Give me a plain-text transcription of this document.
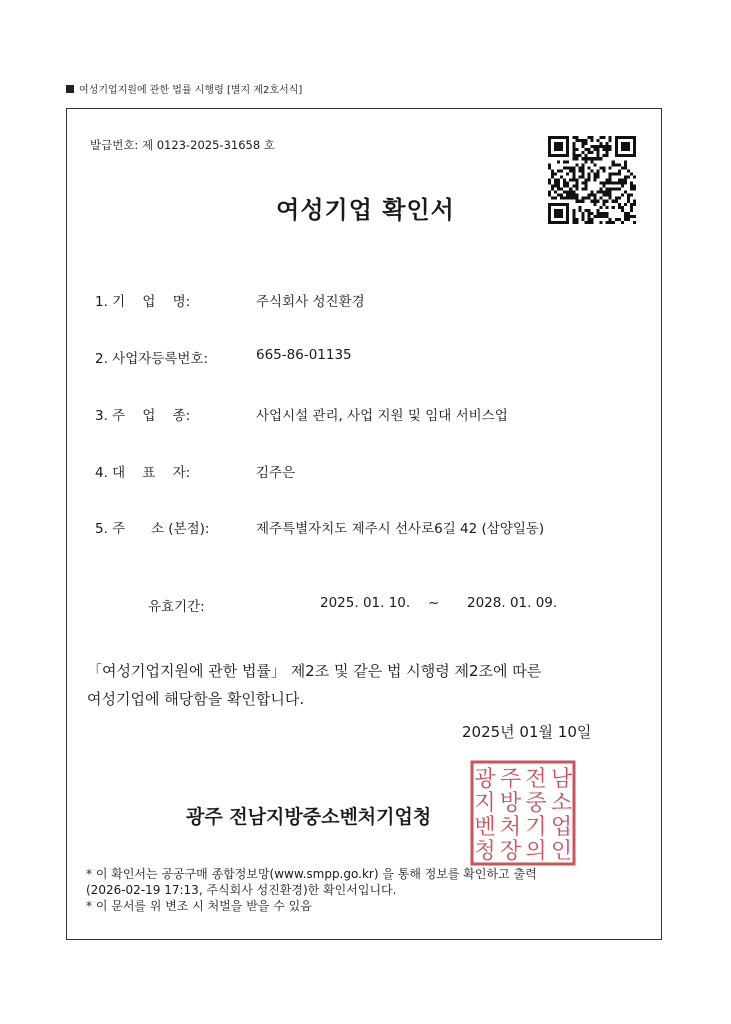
여성기업지원에 관한 법률 시행령 [별지 제2호서식]
발급번호: 제 0123-2025-31658 호
여성기업 확인서
1. 기    업    명:	주식회사 성진환경
2. 사업자등록번호:	665-86-01135
3. 주    업    종:	사업시설 관리, 사업 지원 및 임대 서비스업
4. 대    표    자:	김주은
5. 주      소 (본점):	제주특별자치도 제주시 선사로6길 42 (삼양일동)
유효기간:	2025. 01. 10. ~ 2028. 01. 09.
「여성기업지원에 관한 법률」 제2조 및 같은 법 시행령 제2조에 따른
여성기업에 해당함을 확인합니다.
2025년 01월 10일
광 주 전 남
지 방 중 소
벤 처 기 업
청 장 의 인
광주 전남지방중소벤처기업청
* 이 확인서는 공공구매 종합정보망(www.smpp.go.kr) 을 통해 정보를 확인하고 출력
(2026-02-19 17:13, 주식회사 성진환경)한 확인서입니다.
* 이 문서를 위 변조 시 처벌을 받을 수 있음
